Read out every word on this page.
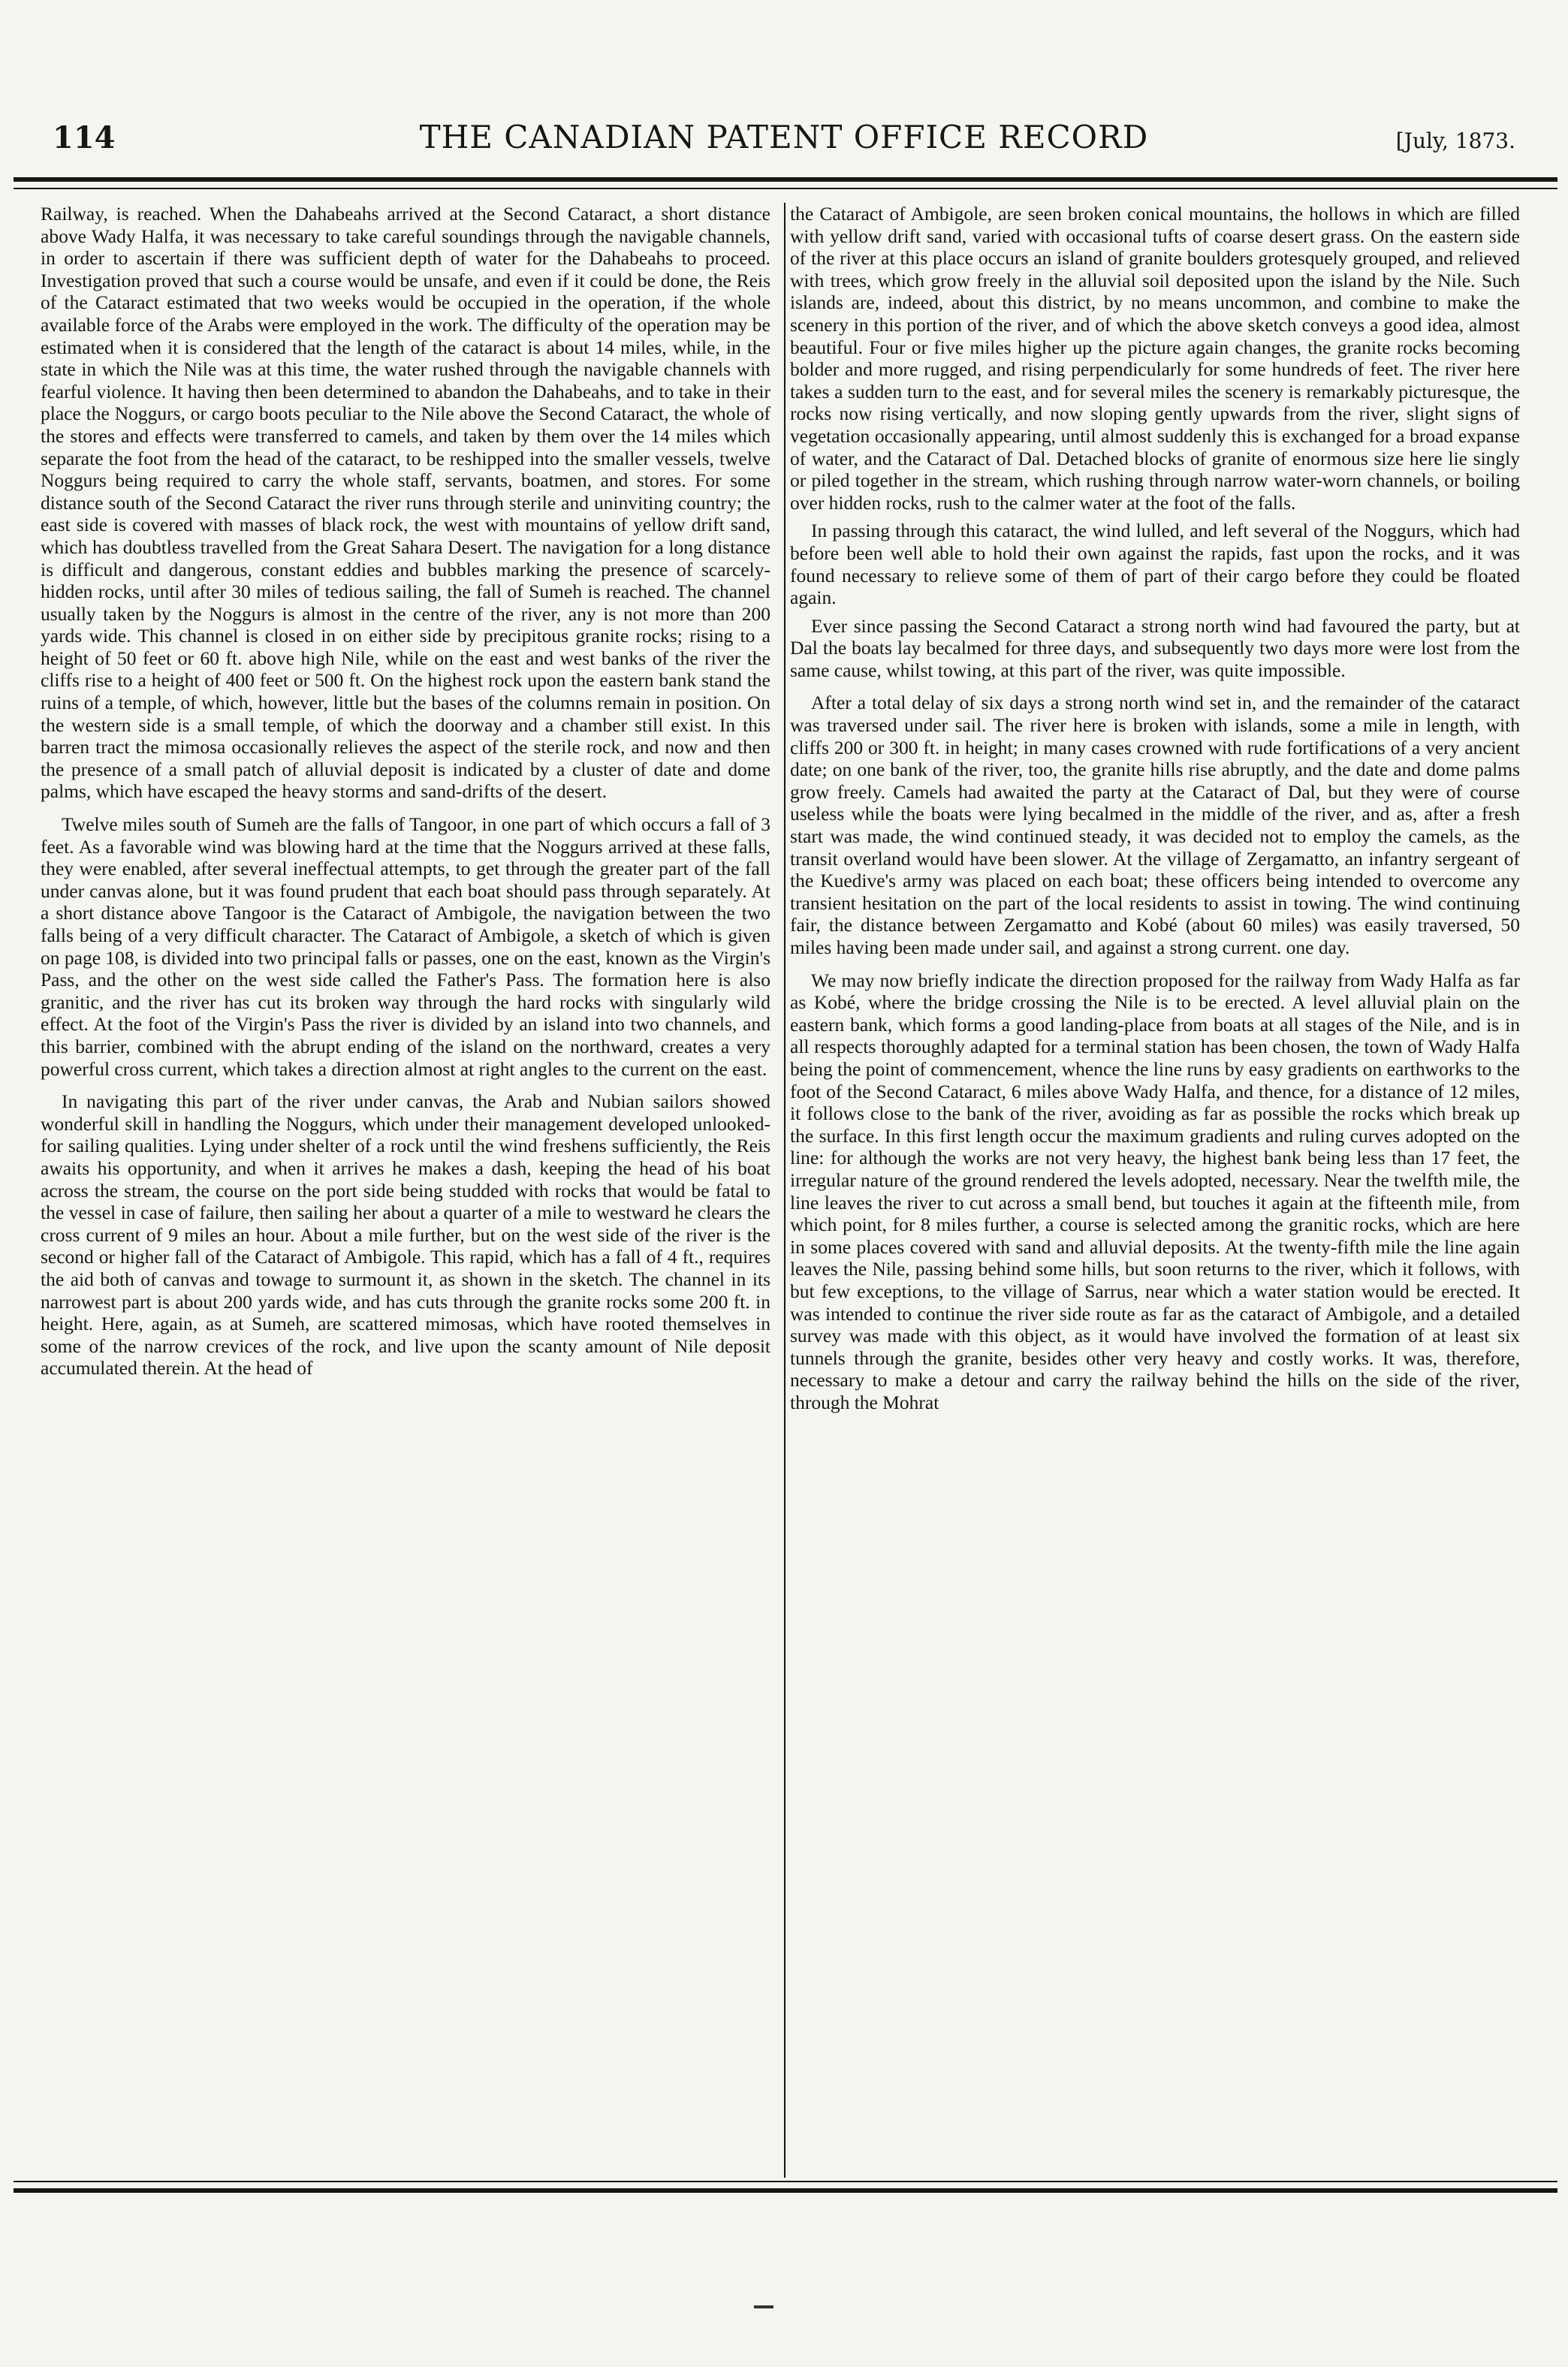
114	THE CANADIAN PATENT OFFICE RECORD	[July, 1873.

Railway, is reached. When the Dahabeahs arrived at the Second Cataract, a short distance above Wady Halfa, it was necessary to take careful soundings through the navigable channels, in order to ascertain if there was sufficient depth of water for the Dahabeahs to proceed. Investigation proved that such a course would be unsafe, and even if it could be done, the Reis of the Cataract estimated that two weeks would be occupied in the operation, if the whole available force of the Arabs were employed in the work. The difficulty of the operation may be estimated when it is considered that the length of the cataract is about 14 miles, while, in the state in which the Nile was at this time, the water rushed through the navigable channels with fearful violence. It having then been determined to abandon the Dahabeahs, and to take in their place the Noggurs, or cargo boots peculiar to the Nile above the Second Cataract, the whole of the stores and effects were transferred to camels, and taken by them over the 14 miles which separate the foot from the head of the cataract, to be reshipped into the smaller vessels, twelve Noggurs being required to carry the whole staff, servants, boatmen, and stores. For some distance south of the Second Cataract the river runs through sterile and uninviting country; the east side is covered with masses of black rock, the west with mountains of yellow drift sand, which has doubtless travelled from the Great Sahara Desert. The navigation for a long distance is difficult and dangerous, constant eddies and bubbles marking the presence of scarcely-hidden rocks, until after 30 miles of tedious sailing, the fall of Sumeh is reached. The channel usually taken by the Noggurs is almost in the centre of the river, any is not more than 200 yards wide. This channel is closed in on either side by precipitous granite rocks; rising to a height of 50 feet or 60 ft. above high Nile, while on the east and west banks of the river the cliffs rise to a height of 400 feet or 500 ft. On the highest rock upon the eastern bank stand the ruins of a temple, of which, however, little but the bases of the columns remain in position. On the western side is a small temple, of which the doorway and a chamber still exist. In this barren tract the mimosa occasionally relieves the aspect of the sterile rock, and now and then the presence of a small patch of alluvial deposit is indicated by a cluster of date and dome palms, which have escaped the heavy storms and sand-drifts of the desert.

Twelve miles south of Sumeh are the falls of Tangoor, in one part of which occurs a fall of 3 feet. As a favorable wind was blowing hard at the time that the Noggurs arrived at these falls, they were enabled, after several ineffectual attempts, to get through the greater part of the fall under canvas alone, but it was found prudent that each boat should pass through separately. At a short distance above Tangoor is the Cataract of Ambigole, the navigation between the two falls being of a very difficult character. The Cataract of Ambigole, a sketch of which is given on page 108, is divided into two principal falls or passes, one on the east, known as the Virgin's Pass, and the other on the west side called the Father's Pass. The formation here is also granitic, and the river has cut its broken way through the hard rocks with singularly wild effect. At the foot of the Virgin's Pass the river is divided by an island into two channels, and this barrier, combined with the abrupt ending of the island on the northward, creates a very powerful cross current, which takes a direction almost at right angles to the current on the east.

In navigating this part of the river under canvas, the Arab and Nubian sailors showed wonderful skill in handling the Noggurs, which under their management developed unlooked-for sailing qualities. Lying under shelter of a rock until the wind freshens sufficiently, the Reis awaits his opportunity, and when it arrives he makes a dash, keeping the head of his boat across the stream, the course on the port side being studded with rocks that would be fatal to the vessel in case of failure, then sailing her about a quarter of a mile to westward he clears the cross current of 9 miles an hour. About a mile further, but on the west side of the river is the second or higher fall of the Cataract of Ambigole. This rapid, which has a fall of 4 ft., requires the aid both of canvas and towage to surmount it, as shown in the sketch. The channel in its narrowest part is about 200 yards wide, and has cuts through the granite rocks some 200 ft. in height. Here, again, as at Sumeh, are scattered mimosas, which have rooted themselves in some of the narrow crevices of the rock, and live upon the scanty amount of Nile deposit accumulated therein. At the head of

the Cataract of Ambigole, are seen broken conical mountains, the hollows in which are filled with yellow drift sand, varied with occasional tufts of coarse desert grass. On the eastern side of the river at this place occurs an island of granite boulders grotesquely grouped, and relieved with trees, which grow freely in the alluvial soil deposited upon the island by the Nile. Such islands are, indeed, about this district, by no means uncommon, and combine to make the scenery in this portion of the river, and of which the above sketch conveys a good idea, almost beautiful. Four or five miles higher up the picture again changes, the granite rocks becoming bolder and more rugged, and rising perpendicularly for some hundreds of feet. The river here takes a sudden turn to the east, and for several miles the scenery is remarkably picturesque, the rocks now rising vertically, and now sloping gently upwards from the river, slight signs of vegetation occasionally appearing, until almost suddenly this is exchanged for a broad expanse of water, and the Cataract of Dal. Detached blocks of granite of enormous size here lie singly or piled together in the stream, which rushing through narrow water-worn channels, or boiling over hidden rocks, rush to the calmer water at the foot of the falls.

In passing through this cataract, the wind lulled, and left several of the Noggurs, which had before been well able to hold their own against the rapids, fast upon the rocks, and it was found necessary to relieve some of them of part of their cargo before they could be floated again.

Ever since passing the Second Cataract a strong north wind had favoured the party, but at Dal the boats lay becalmed for three days, and subsequently two days more were lost from the same cause, whilst towing, at this part of the river, was quite impossible.

After a total delay of six days a strong north wind set in, and the remainder of the cataract was traversed under sail. The river here is broken with islands, some a mile in length, with cliffs 200 or 300 ft. in height; in many cases crowned with rude fortifications of a very ancient date; on one bank of the river, too, the granite hills rise abruptly, and the date and dome palms grow freely. Camels had awaited the party at the Cataract of Dal, but they were of course useless while the boats were lying becalmed in the middle of the river, and as, after a fresh start was made, the wind continued steady, it was decided not to employ the camels, as the transit overland would have been slower. At the village of Zergamatto, an infantry sergeant of the Kuedive's army was placed on each boat; these officers being intended to overcome any transient hesitation on the part of the local residents to assist in towing. The wind continuing fair, the distance between Zergamatto and Kobé (about 60 miles) was easily traversed, 50 miles having been made under sail, and against a strong current. one day.

We may now briefly indicate the direction proposed for the railway from Wady Halfa as far as Kobé, where the bridge crossing the Nile is to be erected. A level alluvial plain on the eastern bank, which forms a good landing-place from boats at all stages of the Nile, and is in all respects thoroughly adapted for a terminal station has been chosen, the town of Wady Halfa being the point of commencement, whence the line runs by easy gradients on earthworks to the foot of the Second Cataract, 6 miles above Wady Halfa, and thence, for a distance of 12 miles, it follows close to the bank of the river, avoiding as far as possible the rocks which break up the surface. In this first length occur the maximum gradients and ruling curves adopted on the line: for although the works are not very heavy, the highest bank being less than 17 feet, the irregular nature of the ground rendered the levels adopted, necessary. Near the twelfth mile, the line leaves the river to cut across a small bend, but touches it again at the fifteenth mile, from which point, for 8 miles further, a course is selected among the granitic rocks, which are here in some places covered with sand and alluvial deposits. At the twenty-fifth mile the line again leaves the Nile, passing behind some hills, but soon returns to the river, which it follows, with but few exceptions, to the village of Sarrus, near which a water station would be erected. It was intended to continue the river side route as far as the cataract of Ambigole, and a detailed survey was made with this object, as it would have involved the formation of at least six tunnels through the granite, besides other very heavy and costly works. It was, therefore, necessary to make a detour and carry the railway behind the hills on the side of the river, through the Mohrat
